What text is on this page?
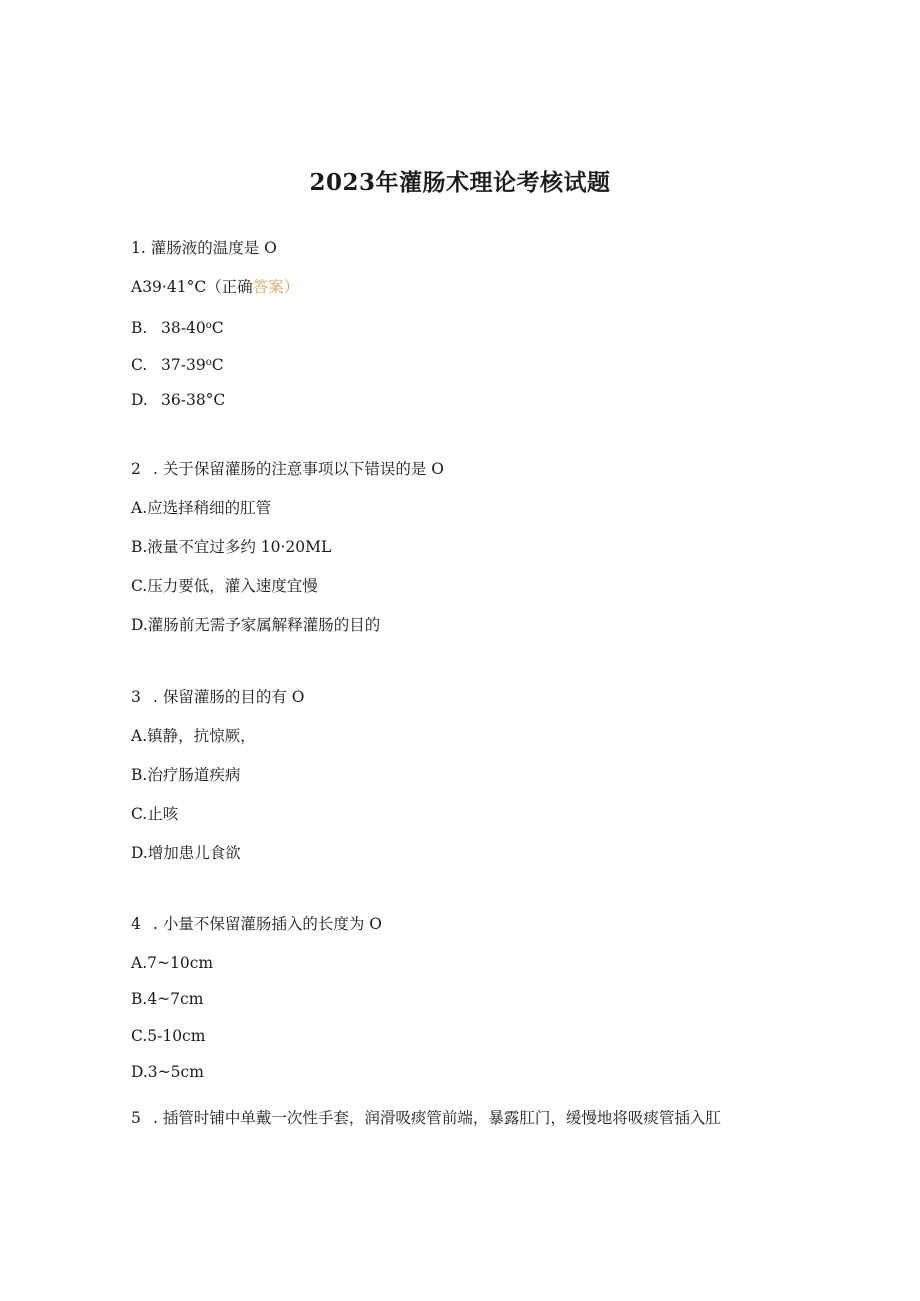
2023年灌肠术理论考核试题
1. 灌肠液的温度是 O
A39·41°C（正确答案）
B. 38-40$^o$C
C. 37-39$^o$C
D. 36-38°C
2 . 关于保留灌肠的注意事项以下错误的是 O
A.应选择稍细的肛管
B.液量不宜过多约 10·20ML
C.压力要低，灌入速度宜慢
D.灌肠前无需予家属解释灌肠的目的
3 . 保留灌肠的目的有 O
A.镇静，抗惊厥，
B.治疗肠道疾病
C.止咳
D.增加患儿食欲
4 . 小量不保留灌肠插入的长度为 O
A.7~10cm
B.4~7cm
C.5-10cm
D.3~5cm
5 . 插管时铺中单戴一次性手套，润滑吸痰管前端，暴露肛门，缓慢地将吸痰管插入肛
